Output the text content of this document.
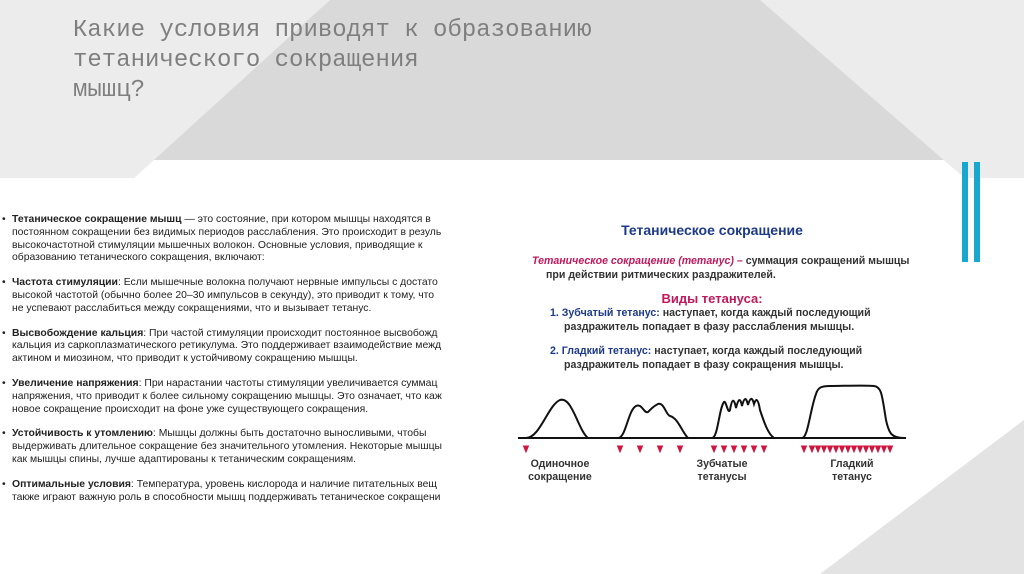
Какие условия приводят к образованию
тетанического сокращения
мышц?
• Тетаническое сокращение мышц — это состояние, при котором мышцы находятся в
постоянном сокращении без видимых периодов расслабления. Это происходит в резуль
высокочастотной стимуляции мышечных волокон. Основные условия, приводящие к
образованию тетанического сокращения, включают:
• Частота стимуляции: Если мышечные волокна получают нервные импульсы с достато
высокой частотой (обычно более 20–30 импульсов в секунду), это приводит к тому, что
не успевают расслабиться между сокращениями, что и вызывает тетанус.
• Высвобождение кальция: При частой стимуляции происходит постоянное высвобожд
кальция из саркоплазматического ретикулума. Это поддерживает взаимодействие межд
актином и миозином, что приводит к устойчивому сокращению мышцы.
• Увеличение напряжения: При нарастании частоты стимуляции увеличивается суммац
напряжения, что приводит к более сильному сокращению мышцы. Это означает, что каж
новое сокращение происходит на фоне уже существующего сокращения.
• Устойчивость к утомлению: Мышцы должны быть достаточно выносливыми, чтобы
выдерживать длительное сокращение без значительного утомления. Некоторые мышцы
как мышцы спины, лучше адаптированы к тетаническим сокращениям.
• Оптимальные условия: Температура, уровень кислорода и наличие питательных вещ
также играют важную роль в способности мышц поддерживать тетаническое сокращени
Тетаническое сокращение
Тетаническое сокращение (тетанус) – суммация сокращений мышцы
при действии ритмических раздражителей.
Виды тетануса:
1. Зубчатый тетанус: наступает, когда каждый последующий
раздражитель попадает в фазу расслабления мышцы.
2. Гладкий тетанус: наступает, когда каждый последующий
раздражитель попадает в фазу сокращения мышцы.
Одиночное
сокращение
Зубчатые
тетанусы
Гладкий
тетанус
